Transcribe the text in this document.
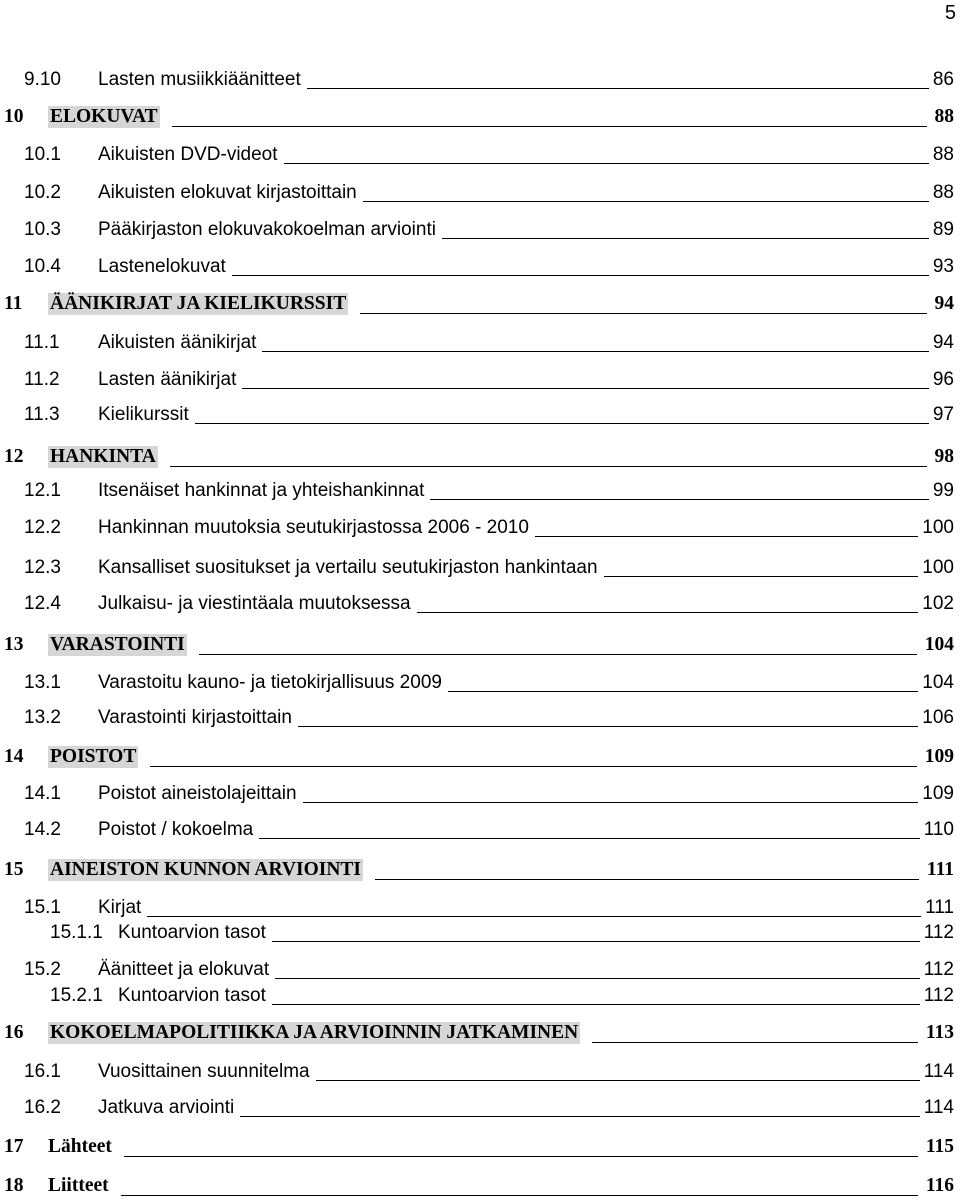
5
9.10 Lasten musiikkiäänitteet	86
10 ELOKUVAT	88
10.1 Aikuisten DVD-videot	88
10.2 Aikuisten elokuvat kirjastoittain	88
10.3 Pääkirjaston elokuvakokoelman arviointi	89
10.4 Lastenelokuvat	93
11 ÄÄNIKIRJAT JA KIELIKURSSIT	94
11.1 Aikuisten äänikirjat	94
11.2 Lasten äänikirjat	96
11.3 Kielikurssit	97
12 HANKINTA	98
12.1 Itsenäiset hankinnat ja yhteishankinnat	99
12.2 Hankinnan muutoksia seutukirjastossa 2006 - 2010	100
12.3 Kansalliset suositukset ja vertailu seutukirjaston hankintaan	100
12.4 Julkaisu- ja viestintäala muutoksessa	102
13 VARASTOINTI	104
13.1 Varastoitu kauno- ja tietokirjallisuus 2009	104
13.2 Varastointi kirjastoittain	106
14 POISTOT	109
14.1 Poistot aineistolajeittain	109
14.2 Poistot / kokoelma	110
15 AINEISTON KUNNON ARVIOINTI	111
15.1 Kirjat	111
15.1.1 Kuntoarvion tasot	112
15.2 Äänitteet ja elokuvat	112
15.2.1 Kuntoarvion tasot	112
16 KOKOELMAPOLITIIKKA JA ARVIOINNIN JATKAMINEN	113
16.1 Vuosittainen suunnitelma	114
16.2 Jatkuva arviointi	114
17 Lähteet	115
18 Liitteet	116
